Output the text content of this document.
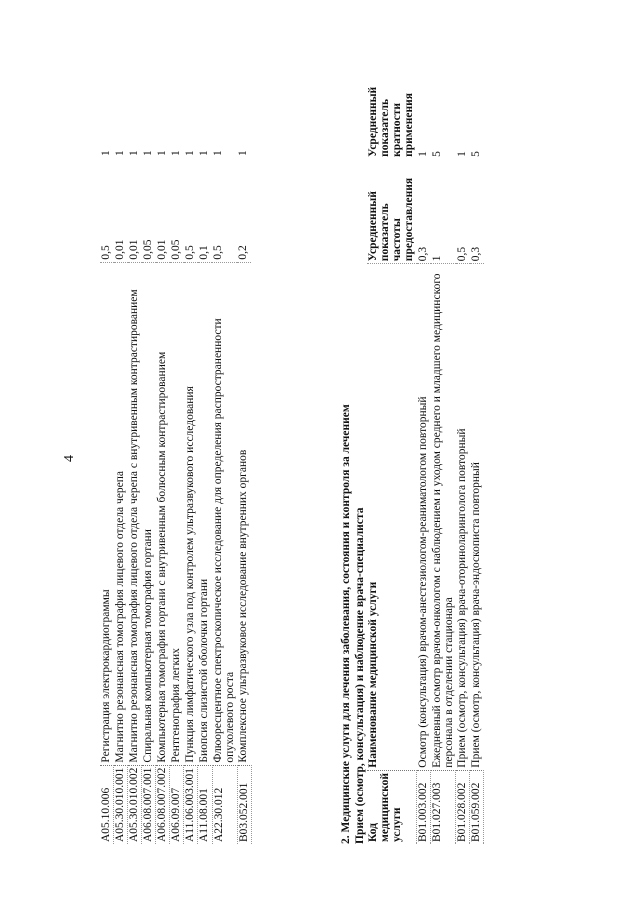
4
A05.10.006	Регистрация электрокардиограммы	0,5	1
A05.30.010.001	Магнитно резонансная томография лицевого отдела черепа	0,01	1
A05.30.010.002	Магнитно резонансная томография лицевого отдела черепа с внутривенным контрастированием	0,01	1
A06.08.007.001	Спиральная компьютерная томография гортани	0,05	1
A06.08.007.002	Компьютерная томография гортани с внутривенным болюсным контрастированием	0,01	1
A06.09.007	Рентгенография легких	0,05	1
A11.06.003.001	Пункция лимфатического узла под контролем ультразвукового исследования	0,5	1
A11.08.001	Биопсия слизистой оболочки гортани	0,1	1
A22.30.012	Флюоресцентное спектроскопическое исследование для определения распространенности опухолевого роста	0,5	1
B03.052.001	Комплексное ультразвуковое исследование внутренних органов	0,2	1
2. Медицинские услуги для лечения заболевания, состояния и контроля за лечением Прием (осмотр, консультация) и наблюдение врача-специалиста Код медицинской услуги	Наименование медицинской услуги	Усредненный показатель частоты предоставления	Усредненный показатель кратности применения
B01.003.002	Осмотр (консультация) врачом-анестезиологом-реаниматологом повторный	0,3	1
B01.027.003	Ежедневный осмотр врачом-онкологом с наблюдением и уходом среднего и младшего медицинского персонала в отделении стационара	1	5
B01.028.002	Прием (осмотр, консультация) врача-оториноларинголога повторный	0,5	1
B01.059.002	Прием (осмотр, консультация) врача-эндоскописта повторный	0,3	5
